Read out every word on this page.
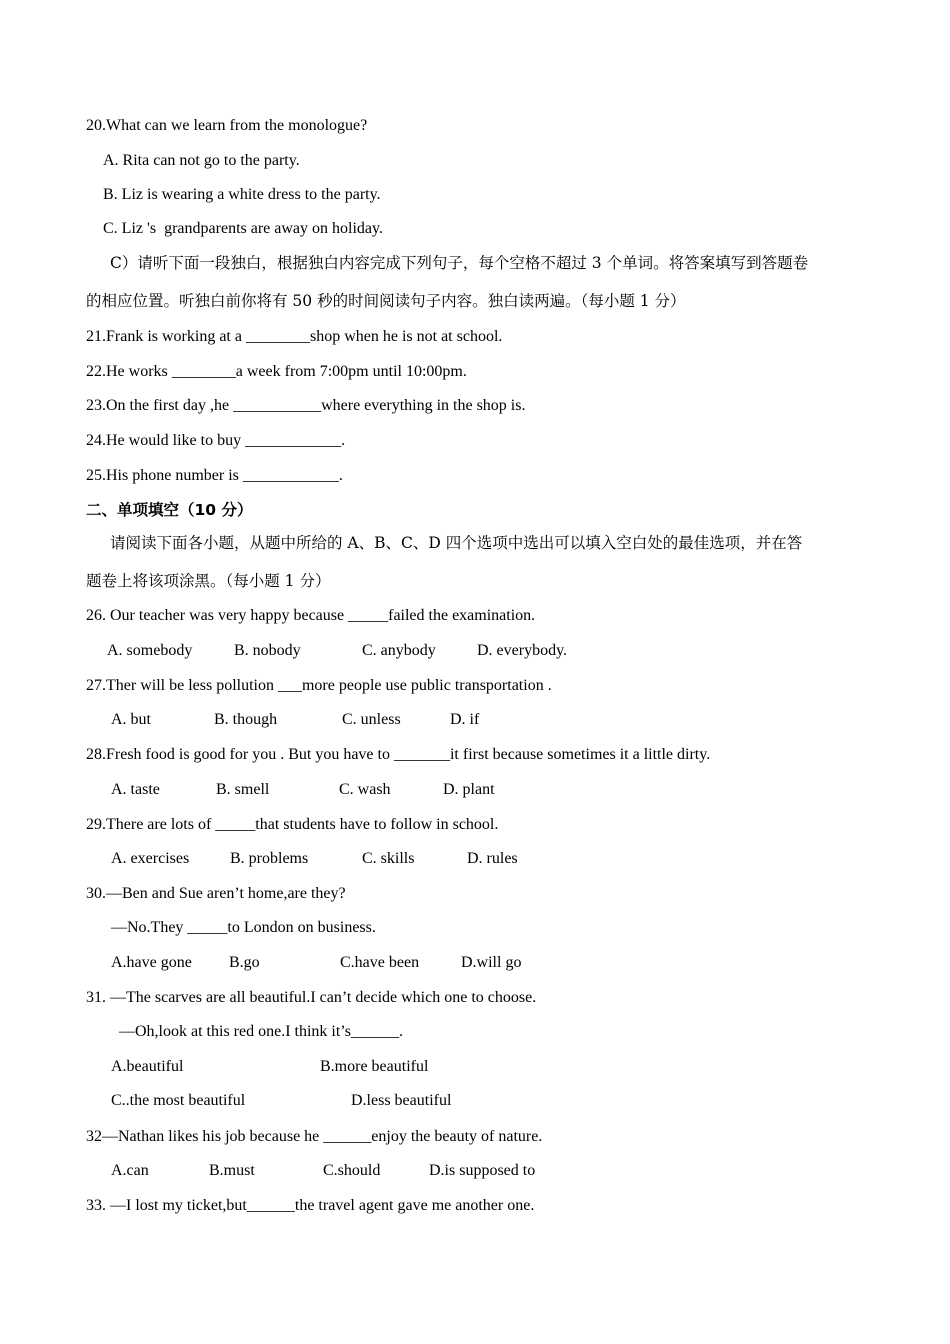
20.What can we learn from the monologue?
A. Rita can not go to the party.
B. Liz is wearing a white dress to the party.
C. Liz 's  grandparents are away on holiday.
C）请听下面一段独白，根据独白内容完成下列句子，每个空格不超过 3 个单词。将答案填写到答题卷
的相应位置。听独白前你将有 50 秒的时间阅读句子内容。独白读两遍。（每小题 1 分）
21.Frank is working at a ________shop when he is not at school.
22.He works ________a week from 7:00pm until 10:00pm.
23.On the first day ,he ___________where everything in the shop is.
24.He would like to buy ____________.
25.His phone number is ____________.
二、单项填空（10 分）
请阅读下面各小题，从题中所给的 A、B、C、D 四个选项中选出可以填入空白处的最佳选项，并在答
题卷上将该项涂黑。（每小题 1 分）
26. Our teacher was very happy because _____failed the examination.
A. somebody	B. nobody	C. anybody	D. everybody.
27.Ther will be less pollution ___more people use public transportation .
A. but	B. though	C. unless	D. if
28.Fresh food is good for you . But you have to _______it first because sometimes it a little dirty.
A. taste	B. smell	C. wash	D. plant
29.There are lots of _____that students have to follow in school.
A. exercises	B. problems	C. skills	D. rules
30.—Ben and Sue aren’t home,are they?
—No.They _____to London on business.
A.have gone B.go	C.have been	D.will go
31. —The scarves are all beautiful.I can’t decide which one to choose.
—Oh,look at this red one.I think it’s______.
A.beautiful	B.more beautiful
C..the most beautiful	D.less beautiful
32—Nathan likes his job because he ______enjoy the beauty of nature.
A.can	B.must	C.should	D.is supposed to
33. —I lost my ticket,but______the travel agent gave me another one.
